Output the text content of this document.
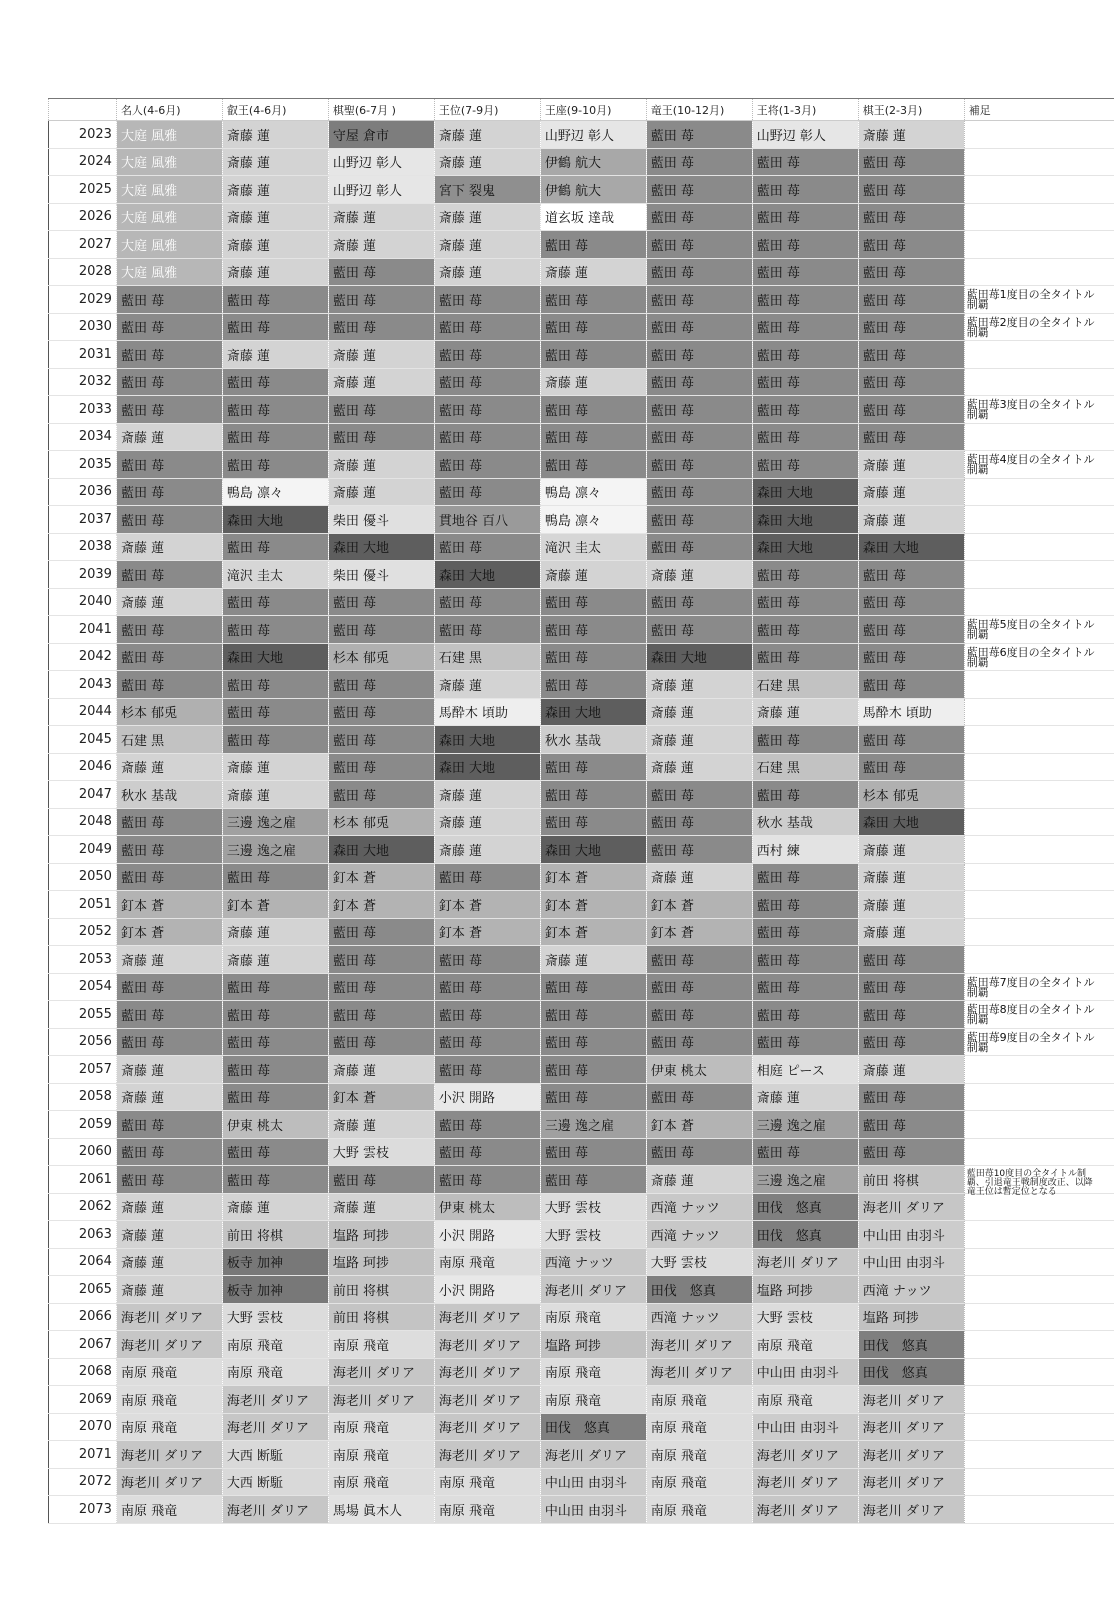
	名人(4-6月)	叡王(4-6月)	棋聖(6-7月 )	王位(7-9月)	王座(9-10月)	竜王(10-12月)	王将(1-3月)	棋王(2-3月)	補足
2023	大庭 風雅	斎藤 蓮	守屋 倉市	斎藤 蓮	山野辺 彰人	藍田 苺	山野辺 彰人	斎藤 蓮	
2024	大庭 風雅	斎藤 蓮	山野辺 彰人	斎藤 蓮	伊鶴 航大	藍田 苺	藍田 苺	藍田 苺	
2025	大庭 風雅	斎藤 蓮	山野辺 彰人	宮下 裂鬼	伊鶴 航大	藍田 苺	藍田 苺	藍田 苺	
2026	大庭 風雅	斎藤 蓮	斎藤 蓮	斎藤 蓮	道玄坂 達哉	藍田 苺	藍田 苺	藍田 苺	
2027	大庭 風雅	斎藤 蓮	斎藤 蓮	斎藤 蓮	藍田 苺	藍田 苺	藍田 苺	藍田 苺	
2028	大庭 風雅	斎藤 蓮	藍田 苺	斎藤 蓮	斎藤 蓮	藍田 苺	藍田 苺	藍田 苺	
2029	藍田 苺	藍田 苺	藍田 苺	藍田 苺	藍田 苺	藍田 苺	藍田 苺	藍田 苺	藍田苺1度目の全タイトル制覇

2030	藍田 苺	藍田 苺	藍田 苺	藍田 苺	藍田 苺	藍田 苺	藍田 苺	藍田 苺	藍田苺2度目の全タイトル制覇

2031	藍田 苺	斎藤 蓮	斎藤 蓮	藍田 苺	藍田 苺	藍田 苺	藍田 苺	藍田 苺	
2032	藍田 苺	藍田 苺	斎藤 蓮	藍田 苺	斎藤 蓮	藍田 苺	藍田 苺	藍田 苺	
2033	藍田 苺	藍田 苺	藍田 苺	藍田 苺	藍田 苺	藍田 苺	藍田 苺	藍田 苺	藍田苺3度目の全タイトル制覇

2034	斎藤 蓮	藍田 苺	藍田 苺	藍田 苺	藍田 苺	藍田 苺	藍田 苺	藍田 苺	
2035	藍田 苺	藍田 苺	斎藤 蓮	藍田 苺	藍田 苺	藍田 苺	藍田 苺	斎藤 蓮	藍田苺4度目の全タイトル制覇

2036	藍田 苺	鴨島 凛々	斎藤 蓮	藍田 苺	鴨島 凛々	藍田 苺	森田 大地	斎藤 蓮	
2037	藍田 苺	森田 大地	柴田 優斗	貫地谷 百八	鴨島 凛々	藍田 苺	森田 大地	斎藤 蓮	
2038	斎藤 蓮	藍田 苺	森田 大地	藍田 苺	滝沢 圭太	藍田 苺	森田 大地	森田 大地	
2039	藍田 苺	滝沢 圭太	柴田 優斗	森田 大地	斎藤 蓮	斎藤 蓮	藍田 苺	藍田 苺	
2040	斎藤 蓮	藍田 苺	藍田 苺	藍田 苺	藍田 苺	藍田 苺	藍田 苺	藍田 苺	
2041	藍田 苺	藍田 苺	藍田 苺	藍田 苺	藍田 苺	藍田 苺	藍田 苺	藍田 苺	藍田苺5度目の全タイトル制覇

2042	藍田 苺	森田 大地	杉本 郁兎	石建 黒	藍田 苺	森田 大地	藍田 苺	藍田 苺	藍田苺6度目の全タイトル制覇

2043	藍田 苺	藍田 苺	藍田 苺	斎藤 蓮	藍田 苺	斎藤 蓮	石建 黒	藍田 苺	
2044	杉本 郁兎	藍田 苺	藍田 苺	馬酔木 頃助	森田 大地	斎藤 蓮	斎藤 蓮	馬酔木 頃助	
2045	石建 黒	藍田 苺	藍田 苺	森田 大地	秋水 基哉	斎藤 蓮	藍田 苺	藍田 苺	
2046	斎藤 蓮	斎藤 蓮	藍田 苺	森田 大地	藍田 苺	斎藤 蓮	石建 黒	藍田 苺	
2047	秋水 基哉	斎藤 蓮	藍田 苺	斎藤 蓮	藍田 苺	藍田 苺	藍田 苺	杉本 郁兎	
2048	藍田 苺	三邊 逸之雇	杉本 郁兎	斎藤 蓮	藍田 苺	藍田 苺	秋水 基哉	森田 大地	
2049	藍田 苺	三邊 逸之雇	森田 大地	斎藤 蓮	森田 大地	藍田 苺	西村 練	斎藤 蓮	
2050	藍田 苺	藍田 苺	釘本 蒼	藍田 苺	釘本 蒼	斎藤 蓮	藍田 苺	斎藤 蓮	
2051	釘本 蒼	釘本 蒼	釘本 蒼	釘本 蒼	釘本 蒼	釘本 蒼	藍田 苺	斎藤 蓮	
2052	釘本 蒼	斎藤 蓮	藍田 苺	釘本 蒼	釘本 蒼	釘本 蒼	藍田 苺	斎藤 蓮	
2053	斎藤 蓮	斎藤 蓮	藍田 苺	藍田 苺	斎藤 蓮	藍田 苺	藍田 苺	藍田 苺	
2054	藍田 苺	藍田 苺	藍田 苺	藍田 苺	藍田 苺	藍田 苺	藍田 苺	藍田 苺	藍田苺7度目の全タイトル制覇

2055	藍田 苺	藍田 苺	藍田 苺	藍田 苺	藍田 苺	藍田 苺	藍田 苺	藍田 苺	藍田苺8度目の全タイトル制覇

2056	藍田 苺	藍田 苺	藍田 苺	藍田 苺	藍田 苺	藍田 苺	藍田 苺	藍田 苺	藍田苺9度目の全タイトル制覇

2057	斎藤 蓮	藍田 苺	斎藤 蓮	藍田 苺	藍田 苺	伊東 桃太	相庭 ピース	斎藤 蓮	
2058	斎藤 蓮	藍田 苺	釘本 蒼	小沢 開路	藍田 苺	藍田 苺	斎藤 蓮	藍田 苺	
2059	藍田 苺	伊東 桃太	斎藤 蓮	藍田 苺	三邊 逸之雇	釘本 蒼	三邊 逸之雇	藍田 苺	
2060	藍田 苺	藍田 苺	大野 雲枝	藍田 苺	藍田 苺	藍田 苺	藍田 苺	藍田 苺	
2061	藍田 苺	藍田 苺	藍田 苺	藍田 苺	藍田 苺	斎藤 蓮	三邊 逸之雇	前田 将棋	藍田苺10度目の全タイトル制覇、引退竜王戦制度改正、以降竜王位は暫定位となる

2062	斎藤 蓮	斎藤 蓮	斎藤 蓮	伊東 桃太	大野 雲枝	西滝 ナッツ	田伐　悠真	海老川 ダリア	
2063	斎藤 蓮	前田 将棋	塩路 珂捗	小沢 開路	大野 雲枝	西滝 ナッツ	田伐　悠真	中山田 由羽斗	
2064	斎藤 蓮	板寺 加神	塩路 珂捗	南原 飛竜	西滝 ナッツ	大野 雲枝	海老川 ダリア	中山田 由羽斗	
2065	斎藤 蓮	板寺 加神	前田 将棋	小沢 開路	海老川 ダリア	田伐　悠真	塩路 珂捗	西滝 ナッツ	
2066	海老川 ダリア	大野 雲枝	前田 将棋	海老川 ダリア	南原 飛竜	西滝 ナッツ	大野 雲枝	塩路 珂捗	
2067	海老川 ダリア	南原 飛竜	南原 飛竜	海老川 ダリア	塩路 珂捗	海老川 ダリア	南原 飛竜	田伐　悠真	
2068	南原 飛竜	南原 飛竜	海老川 ダリア	海老川 ダリア	南原 飛竜	海老川 ダリア	中山田 由羽斗	田伐　悠真	
2069	南原 飛竜	海老川 ダリア	海老川 ダリア	海老川 ダリア	南原 飛竜	南原 飛竜	南原 飛竜	海老川 ダリア	
2070	南原 飛竜	海老川 ダリア	南原 飛竜	海老川 ダリア	田伐　悠真	南原 飛竜	中山田 由羽斗	海老川 ダリア	
2071	海老川 ダリア	大西 断駈	南原 飛竜	海老川 ダリア	海老川 ダリア	南原 飛竜	海老川 ダリア	海老川 ダリア	
2072	海老川 ダリア	大西 断駈	南原 飛竜	南原 飛竜	中山田 由羽斗	南原 飛竜	海老川 ダリア	海老川 ダリア	
2073	南原 飛竜	海老川 ダリア	馬場 眞木人	南原 飛竜	中山田 由羽斗	南原 飛竜	海老川 ダリア	海老川 ダリア	
